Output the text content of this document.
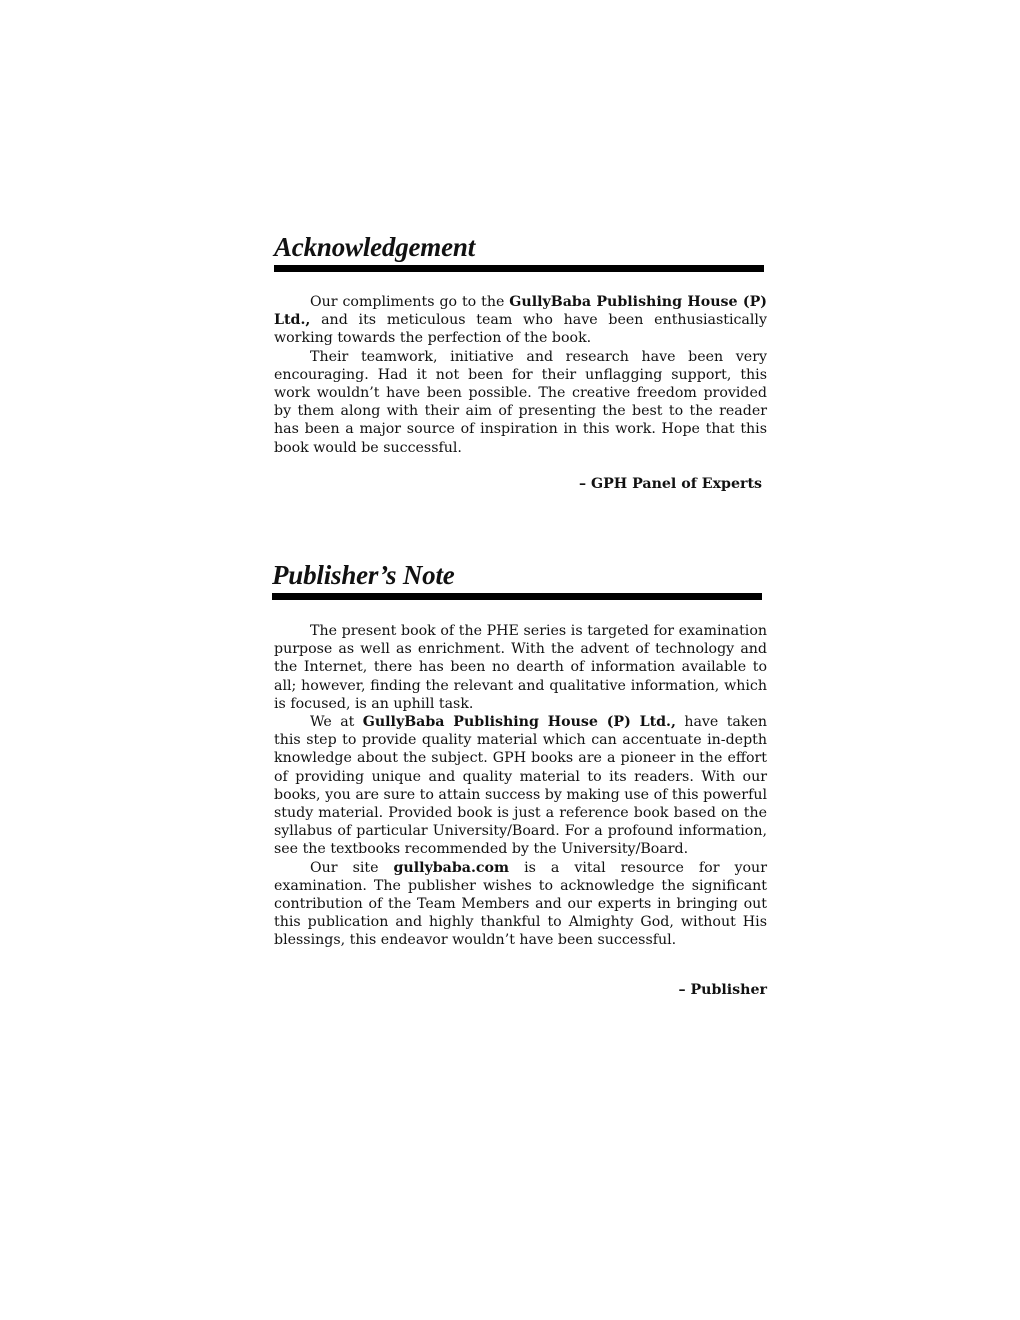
Acknowledgement

Our compliments go to the GullyBaba Publishing House (P) Ltd., and its meticulous team who have been enthusiastically working towards the perfection of the book.

Their teamwork, initiative and research have been very encouraging. Had it not been for their unflagging support, this work wouldn’t have been possible. The creative freedom provided by them along with their aim of presenting the best to the reader has been a major source of inspiration in this work. Hope that this book would be successful.

– GPH Panel of Experts
Publisher’s Note

The present book of the PHE series is targeted for examination purpose as well as enrichment. With the advent of technology and the Internet, there has been no dearth of information available to all; however, finding the relevant and qualitative information, which is focused, is an uphill task.

We at GullyBaba Publishing House (P) Ltd., have taken this step to provide quality material which can accentuate in-depth knowledge about the subject. GPH books are a pioneer in the effort of providing unique and quality material to its readers. With our books, you are sure to attain success by making use of this powerful study material. Provided book is just a reference book based on the syllabus of particular University/Board. For a profound information, see the textbooks recommended by the University/Board.

Our site gullybaba.com is a vital resource for your examination. The publisher wishes to acknowledge the significant contribution of the Team Members and our experts in bringing out this publication and highly thankful to Almighty God, without His blessings, this endeavor wouldn’t have been successful.

– Publisher
